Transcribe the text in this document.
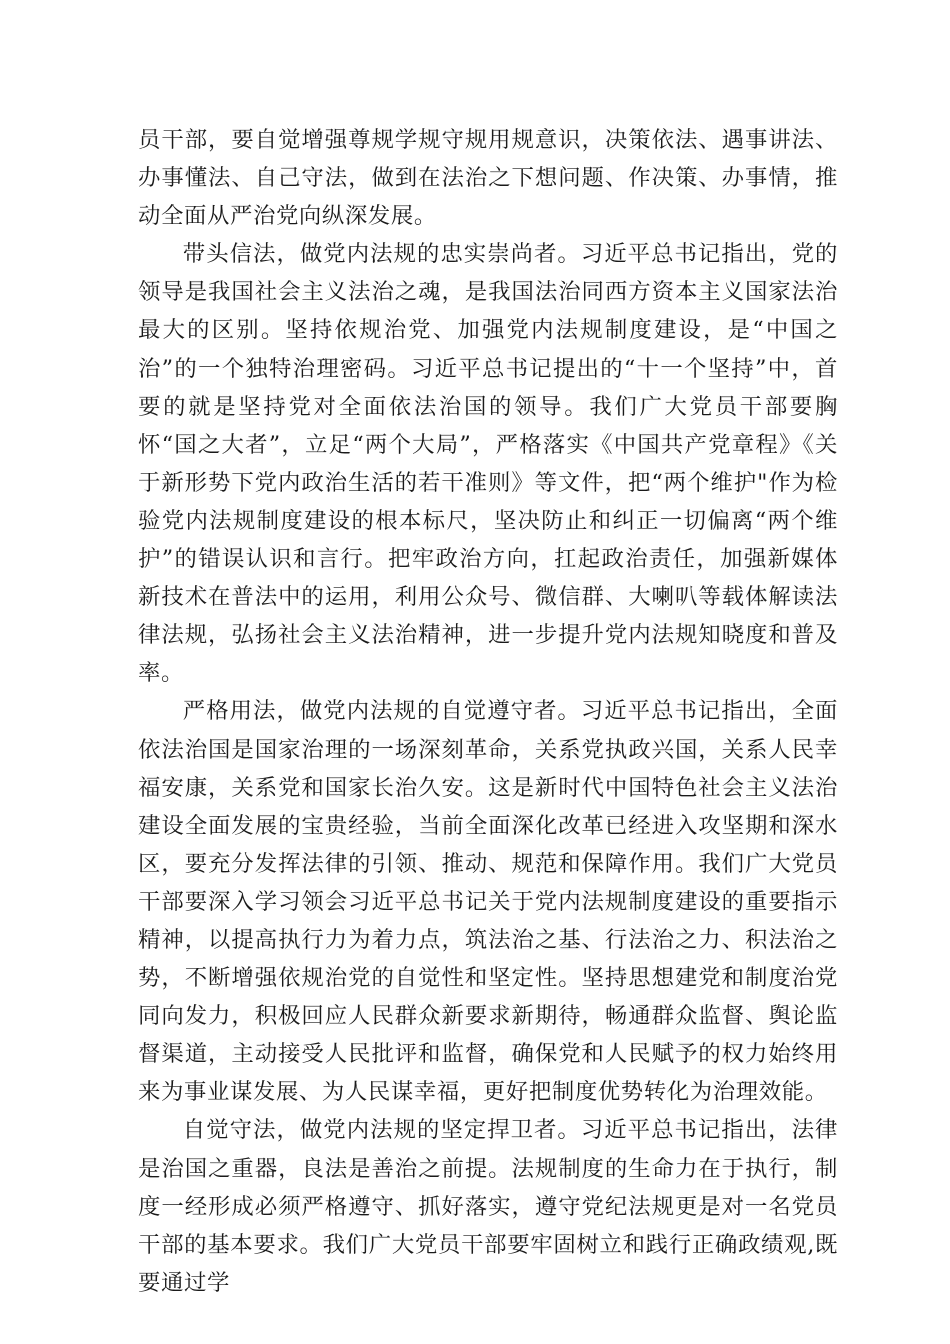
员干部，要自觉增强尊规学规守规用规意识，决策依法、遇事讲法、办事懂法、自己守法，做到在法治之下想问题、作决策、办事情，推动全面从严治党向纵深发展。

带头信法，做党内法规的忠实崇尚者。习近平总书记指出，党的领导是我国社会主义法治之魂，是我国法治同西方资本主义国家法治最大的区别。坚持依规治党、加强党内法规制度建设，是“中国之治”的一个独特治理密码。习近平总书记提出的“十一个坚持”中，首要的就是坚持党对全面依法治国的领导。我们广大党员干部要胸怀“国之大者”，立足“两个大局”，严格落实《中国共产党章程》《关于新形势下党内政治生活的若干准则》等文件，把“两个维护"作为检验党内法规制度建设的根本标尺，坚决防止和纠正一切偏离“两个维护”的错误认识和言行。把牢政治方向，扛起政治责任，加强新媒体新技术在普法中的运用，利用公众号、微信群、大喇叭等载体解读法律法规，弘扬社会主义法治精神，进一步提升党内法规知晓度和普及率。

严格用法，做党内法规的自觉遵守者。习近平总书记指出，全面依法治国是国家治理的一场深刻革命，关系党执政兴国，关系人民幸福安康，关系党和国家长治久安。这是新时代中国特色社会主义法治建设全面发展的宝贵经验，当前全面深化改革已经进入攻坚期和深水区，要充分发挥法律的引领、推动、规范和保障作用。我们广大党员干部要深入学习领会习近平总书记关于党内法规制度建设的重要指示精神，以提高执行力为着力点，筑法治之基、行法治之力、积法治之势，不断增强依规治党的自觉性和坚定性。坚持思想建党和制度治党同向发力，积极回应人民群众新要求新期待，畅通群众监督、舆论监督渠道，主动接受人民批评和监督，确保党和人民赋予的权力始终用来为事业谋发展、为人民谋幸福，更好把制度优势转化为治理效能。

自觉守法，做党内法规的坚定捍卫者。习近平总书记指出，法律是治国之重器，良法是善治之前提。法规制度的生命力在于执行，制度一经形成必须严格遵守、抓好落实，遵守党纪法规更是对一名党员干部的基本要求。我们广大党员干部要牢固树立和践行正确政绩观,既要通过学
